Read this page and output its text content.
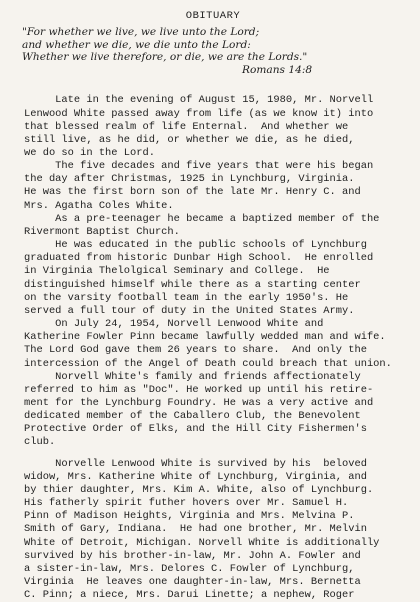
OBITUARY
"For whether we live, we live unto the Lord;
and whether we die, we die unto the Lord:
Whether we live therefore, or die, we are the Lords."
Romans 14:8
Late in the evening of August 15, 1980, Mr. Norvell
Lenwood White passed away from life (as we know it) into
that blessed realm of life Enternal.  And whether we
still live, as he did, or whether we die, as he died,
we do so in the Lord.
The five decades and five years that were his began
the day after Christmas, 1925 in Lynchburg, Virginia.
He was the first born son of the late Mr. Henry C. and
Mrs. Agatha Coles White.
As a pre-teenager he became a baptized member of the
Rivermont Baptist Church.
He was educated in the public schools of Lynchburg
graduated from historic Dunbar High School.  He enrolled
in Virginia Thelolgical Seminary and College.  He
distinguished himself while there as a starting center
on the varsity football team in the early 1950's. He
served a full tour of duty in the United States Army.
On July 24, 1954, Norvell Lenwood White and
Katherine Fowler Pinn became lawfully wedded man and wife.
The Lord God gave them 26 years to share.  And only the
intercession of the Angel of Death could breach that union.
Norvell White's family and friends affectionately
referred to him as "Doc". He worked up until his retire-
ment for the Lynchburg Foundry. He was a very active and
dedicated member of the Caballero Club, the Benevolent
Protective Order of Elks, and the Hill City Fishermen's
club.
Norvelle Lenwood White is survived by his  beloved
widow, Mrs. Katherine White of Lynchburg, Virginia, and
by thier daughter, Mrs. Kim A. White, also of Lynchburg.
His fatherly spirit futher hovers over Mr. Samuel H.
Pinn of Madison Heights, Virginia and Mrs. Melvina P.
Smith of Gary, Indiana.  He had one brother, Mr. Melvin
White of Detroit, Michigan. Norvell White is additionally
survived by his brother-in-law, Mr. John A. Fowler and
a sister-in-law, Mrs. Delores C. Fowler of Lynchburg,
Virginia  He leaves one daughter-in-law, Mrs. Bernetta
C. Pinn; a niece, Mrs. Darui Linette; a nephew, Roger
